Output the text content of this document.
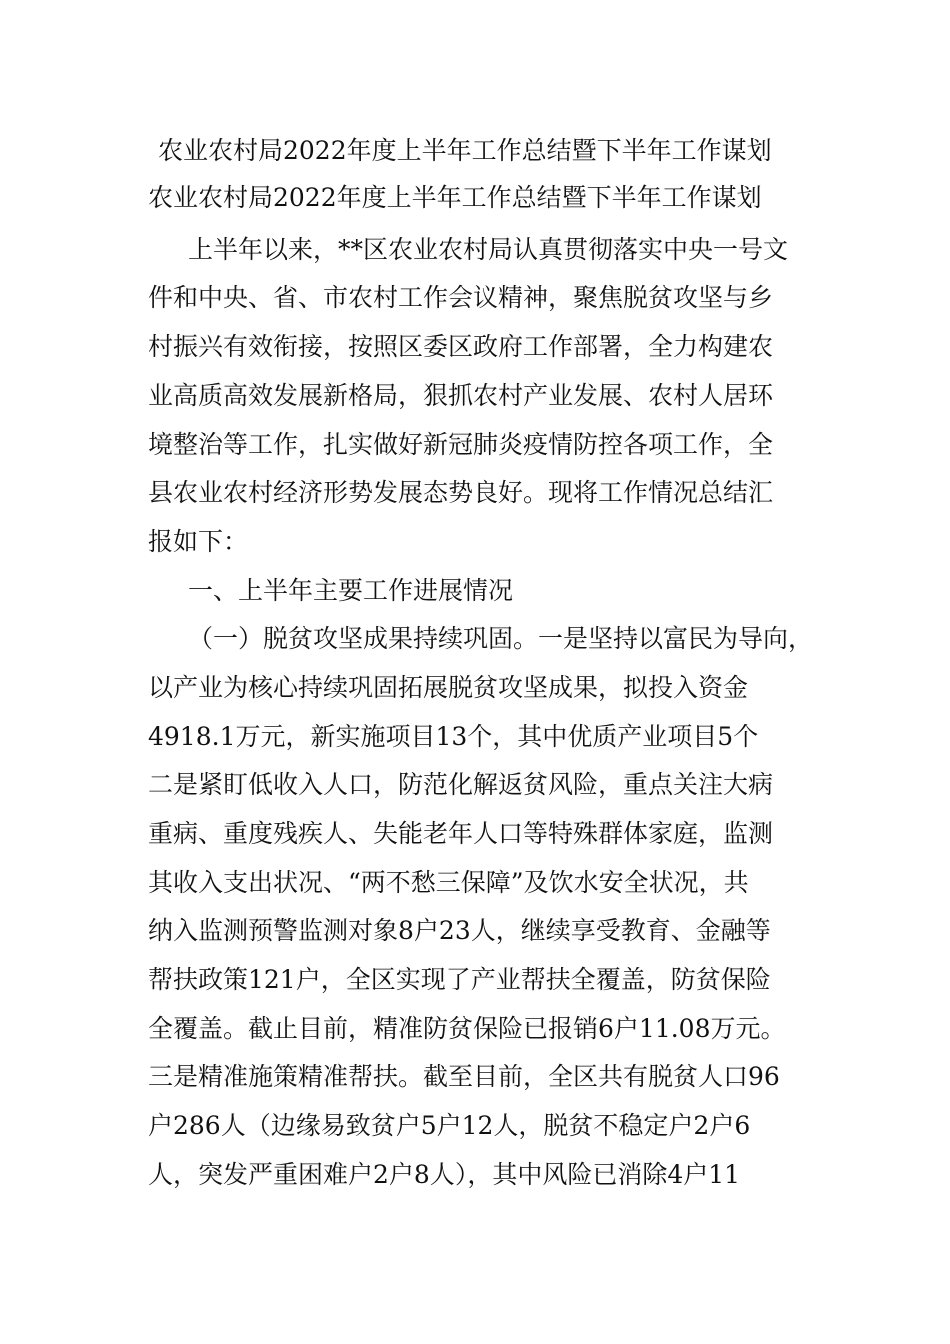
农业农村局2022年度上半年工作总结暨下半年工作谋划
农业农村局2022年度上半年工作总结暨下半年工作谋划
上半年以来，**区农业农村局认真贯彻落实中央一号文
件和中央、省、市农村工作会议精神，聚焦脱贫攻坚与乡
村振兴有效衔接，按照区委区政府工作部署，全力构建农
业高质高效发展新格局，狠抓农村产业发展、农村人居环
境整治等工作，扎实做好新冠肺炎疫情防控各项工作，全
县农业农村经济形势发展态势良好。现将工作情况总结汇
报如下：
一、上半年主要工作进展情况
（一）脱贫攻坚成果持续巩固。一是坚持以富民为导向，
以产业为核心持续巩固拓展脱贫攻坚成果，拟投入资金
4918.1万元，新实施项目13个，其中优质产业项目5个
二是紧盯低收入人口，防范化解返贫风险，重点关注大病
重病、重度残疾人、失能老年人口等特殊群体家庭，监测
其收入支出状况、“两不愁三保障”及饮水安全状况，共
纳入监测预警监测对象8户23人，继续享受教育、金融等
帮扶政策121户，全区实现了产业帮扶全覆盖，防贫保险
全覆盖。截止目前，精准防贫保险已报销6户11.08万元。
三是精准施策精准帮扶。截至目前，全区共有脱贫人口96
户286人（边缘易致贫户5户12人，脱贫不稳定户2户6
人，突发严重困难户2户8人），其中风险已消除4户11
